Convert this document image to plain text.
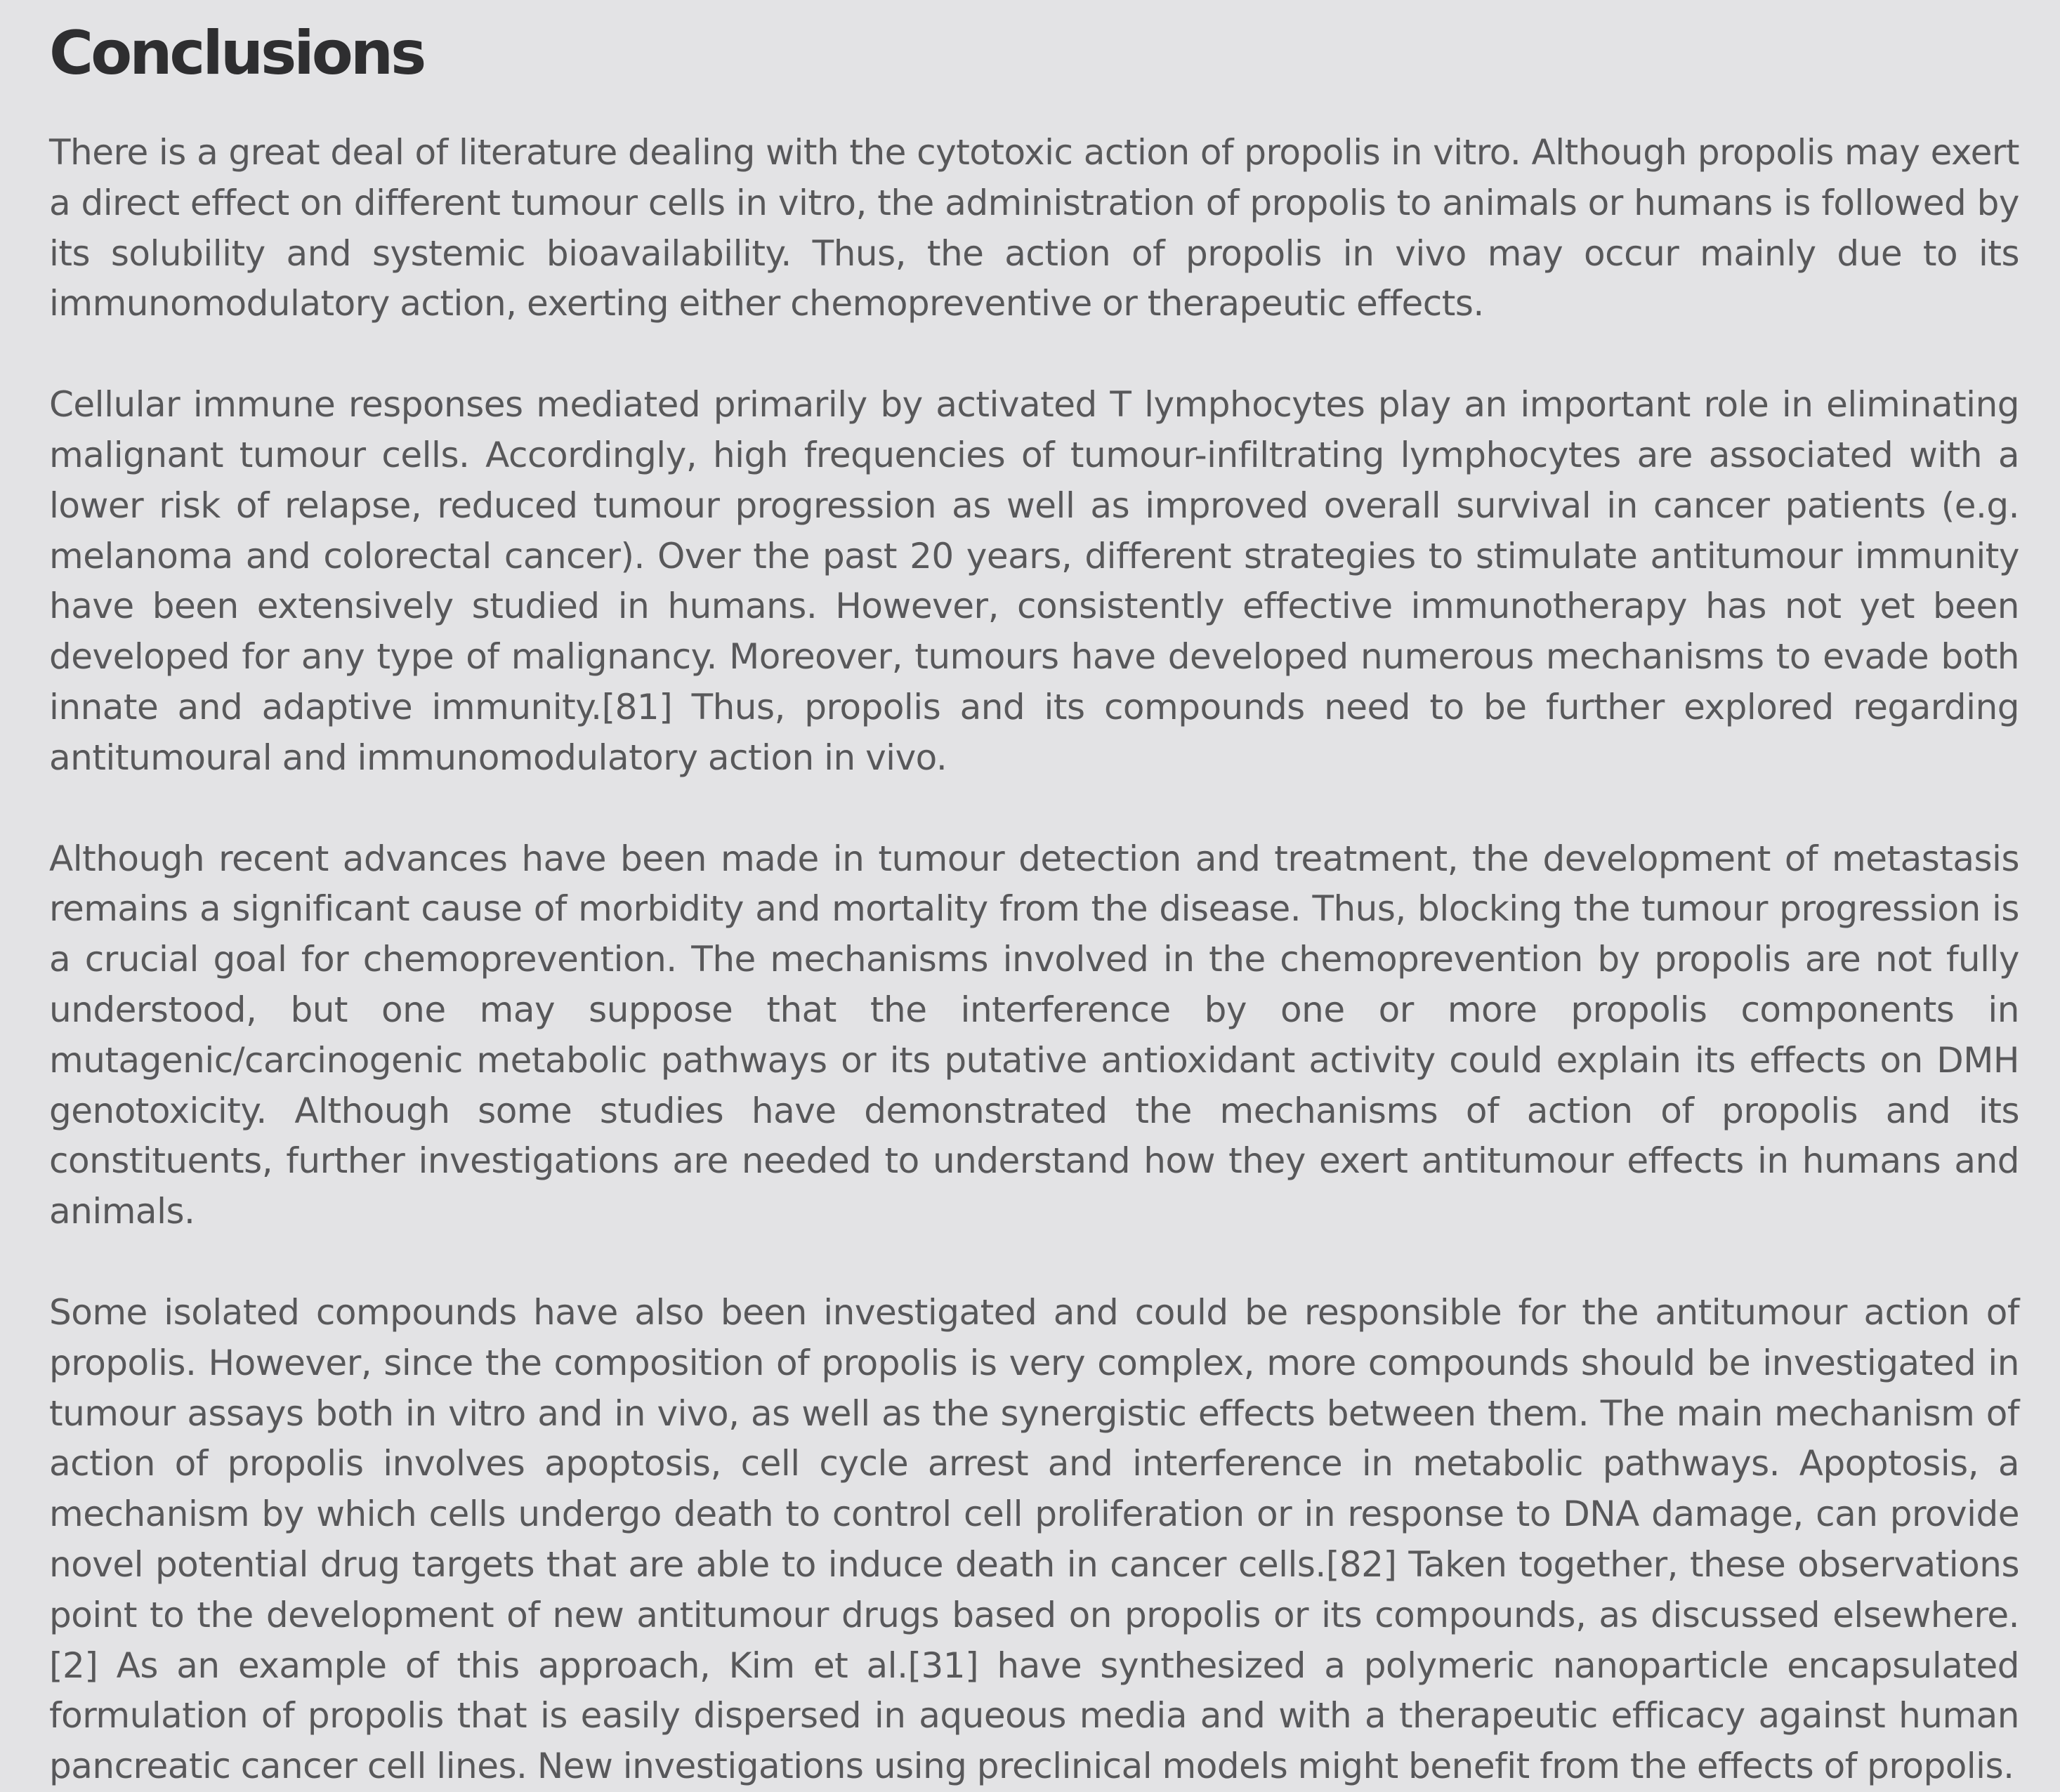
Conclusions

There is a great deal of literature dealing with the cytotoxic action of propolis in vitro. Although propolis may exert a direct effect on different tumour cells in vitro, the administration of propolis to animals or humans is followed by its solubility and systemic bioavailability. Thus, the action of propolis in vivo may occur mainly due to its immunomodulatory action, exerting either chemopreventive or therapeutic effects.

Cellular immune responses mediated primarily by activated T lymphocytes play an important role in eliminating malignant tumour cells. Accordingly, high frequencies of tumour-infiltrating lymphocytes are associated with a lower risk of relapse, reduced tumour progression as well as improved overall survival in cancer patients (e.g. melanoma and colorectal cancer). Over the past 20 years, different strategies to stimulate antitumour immunity have been extensively studied in humans. However, consistently effective immunotherapy has not yet been developed for any type of malignancy. Moreover, tumours have developed numerous mechanisms to evade both innate and adaptive immunity.[81] Thus, propolis and its compounds need to be further explored regarding antitumoural and immunomodulatory action in vivo.

Although recent advances have been made in tumour detection and treatment, the development of metastasis remains a significant cause of morbidity and mortality from the disease. Thus, blocking the tumour progression is a crucial goal for chemoprevention. The mechanisms involved in the chemoprevention by propolis are not fully understood, but one may suppose that the interference by one or more propolis components in mutagenic/carcinogenic metabolic pathways or its putative antioxidant activity could explain its effects on DMH genotoxicity. Although some studies have demonstrated the mechanisms of action of propolis and its constituents, further investigations are needed to understand how they exert antitumour effects in humans and animals.

Some isolated compounds have also been investigated and could be responsible for the antitumour action of propolis. However, since the composition of propolis is very complex, more compounds should be investigated in tumour assays both in vitro and in vivo, as well as the synergistic effects between them. The main mechanism of action of propolis involves apoptosis, cell cycle arrest and interference in metabolic pathways. Apoptosis, a mechanism by which cells undergo death to control cell proliferation or in response to DNA damage, can provide novel potential drug targets that are able to induce death in cancer cells.[82] Taken together, these observations point to the development of new antitumour drugs based on propolis or its compounds, as discussed elsewhere.[2] As an example of this approach, Kim et al.[31] have synthesized a polymeric nanoparticle encapsulated formulation of propolis that is easily dispersed in aqueous media and with a therapeutic efficacy against human pancreatic cancer cell lines. New investigations using preclinical models might benefit from the effects of propolis.
